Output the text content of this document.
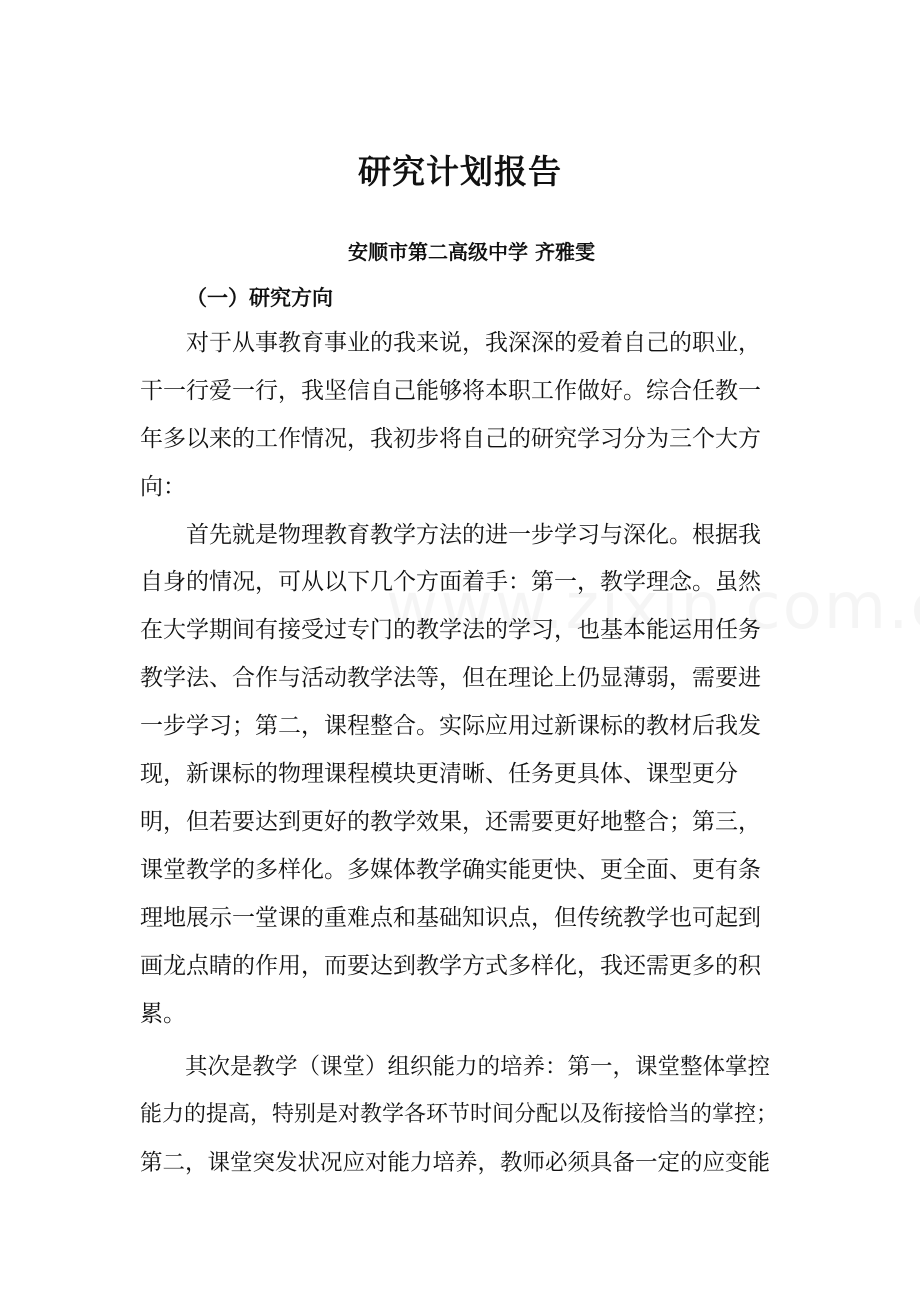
研究计划报告
安顺市第二高级中学 齐雅雯
（一）研究方向
　　对于从事教育事业的我来说，我深深的爱着自己的职业，
干一行爱一行，我坚信自己能够将本职工作做好。综合任教一
年多以来的工作情况，我初步将自己的研究学习分为三个大方
向：
　　首先就是物理教育教学方法的进一步学习与深化。根据我
自身的情况，可从以下几个方面着手：第一，教学理念。虽然
在大学期间有接受过专门的教学法的学习，也基本能运用任务
教学法、合作与活动教学法等，但在理论上仍显薄弱，需要进
一步学习；第二，课程整合。实际应用过新课标的教材后我发
现，新课标的物理课程模块更清晰、任务更具体、课型更分
明，但若要达到更好的教学效果，还需要更好地整合；第三，
课堂教学的多样化。多媒体教学确实能更快、更全面、更有条
理地展示一堂课的重难点和基础知识点，但传统教学也可起到
画龙点睛的作用，而要达到教学方式多样化，我还需更多的积
累。
　　其次是教学（课堂）组织能力的培养：第一，课堂整体掌控
能力的提高，特别是对教学各环节时间分配以及衔接恰当的掌控；
第二，课堂突发状况应对能力培养，教师必须具备一定的应变能
